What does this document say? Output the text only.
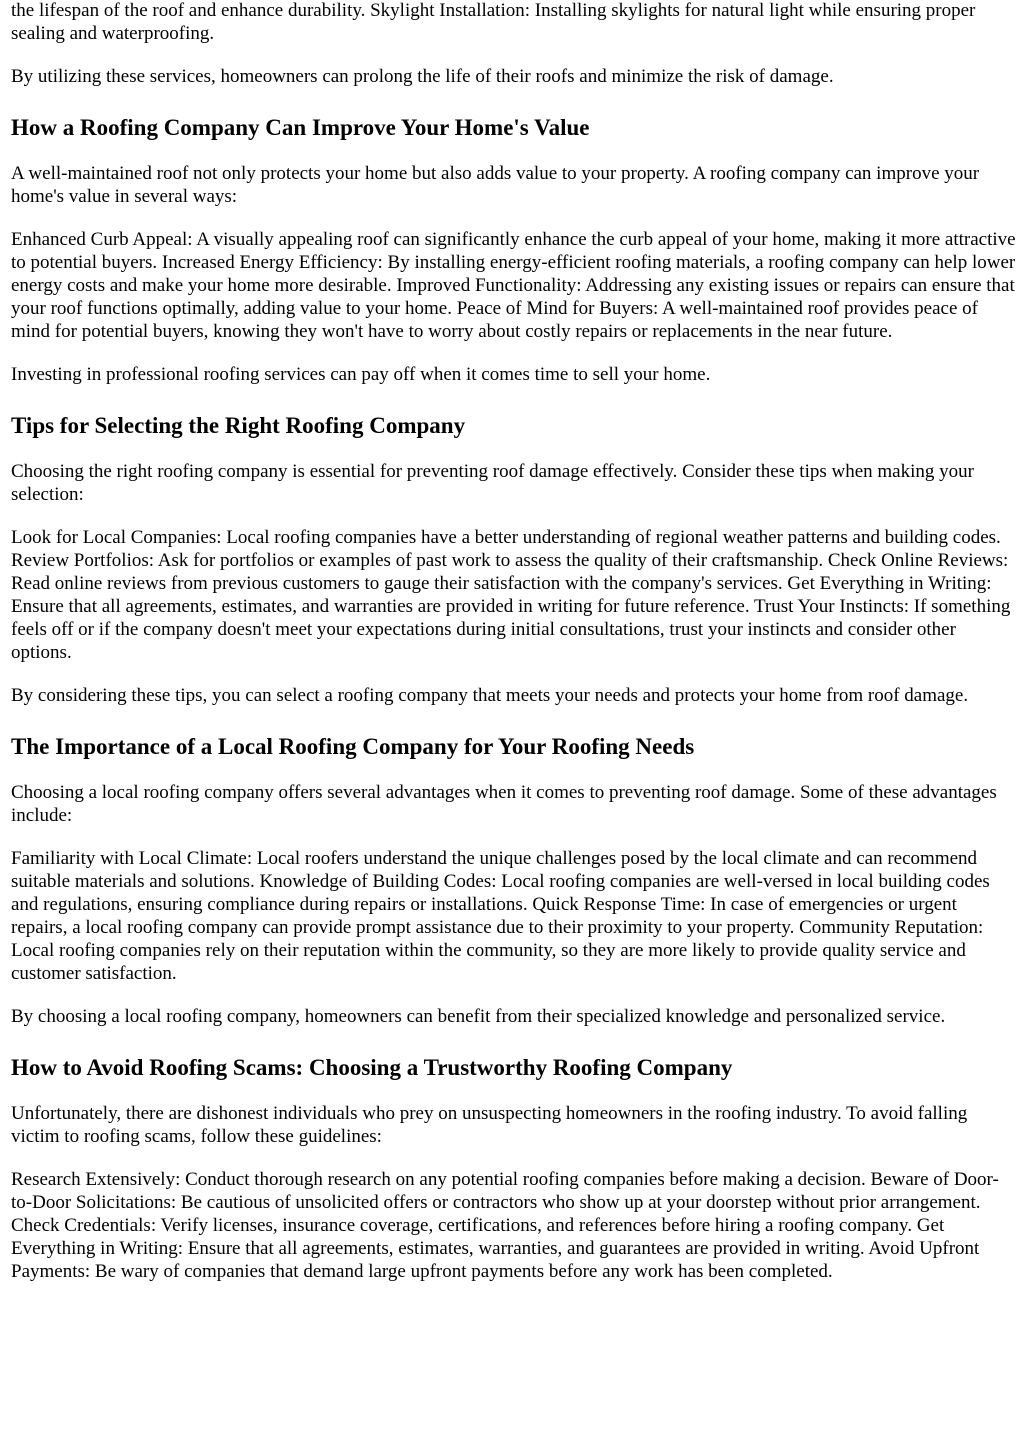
the lifespan of the roof and enhance durability. Skylight Installation: Installing skylights for natural light while ensuring proper sealing and waterproofing.

By utilizing these services, homeowners can prolong the life of their roofs and minimize the risk of damage.

How a Roofing Company Can Improve Your Home's Value

A well-maintained roof not only protects your home but also adds value to your property. A roofing company can improve your home's value in several ways:

Enhanced Curb Appeal: A visually appealing roof can significantly enhance the curb appeal of your home, making it more attractive to potential buyers. Increased Energy Efficiency: By installing energy-efficient roofing materials, a roofing company can help lower energy costs and make your home more desirable. Improved Functionality: Addressing any existing issues or repairs can ensure that your roof functions optimally, adding value to your home. Peace of Mind for Buyers: A well-maintained roof provides peace of mind for potential buyers, knowing they won't have to worry about costly repairs or replacements in the near future.

Investing in professional roofing services can pay off when it comes time to sell your home.

Tips for Selecting the Right Roofing Company

Choosing the right roofing company is essential for preventing roof damage effectively. Consider these tips when making your selection:

Look for Local Companies: Local roofing companies have a better understanding of regional weather patterns and building codes. Review Portfolios: Ask for portfolios or examples of past work to assess the quality of their craftsmanship. Check Online Reviews: Read online reviews from previous customers to gauge their satisfaction with the company's services. Get Everything in Writing: Ensure that all agreements, estimates, and warranties are provided in writing for future reference. Trust Your Instincts: If something feels off or if the company doesn't meet your expectations during initial consultations, trust your instincts and consider other options.

By considering these tips, you can select a roofing company that meets your needs and protects your home from roof damage.

The Importance of a Local Roofing Company for Your Roofing Needs

Choosing a local roofing company offers several advantages when it comes to preventing roof damage. Some of these advantages include:

Familiarity with Local Climate: Local roofers understand the unique challenges posed by the local climate and can recommend suitable materials and solutions. Knowledge of Building Codes: Local roofing companies are well-versed in local building codes and regulations, ensuring compliance during repairs or installations. Quick Response Time: In case of emergencies or urgent repairs, a local roofing company can provide prompt assistance due to their proximity to your property. Community Reputation: Local roofing companies rely on their reputation within the community, so they are more likely to provide quality service and customer satisfaction.

By choosing a local roofing company, homeowners can benefit from their specialized knowledge and personalized service.

How to Avoid Roofing Scams: Choosing a Trustworthy Roofing Company

Unfortunately, there are dishonest individuals who prey on unsuspecting homeowners in the roofing industry. To avoid falling victim to roofing scams, follow these guidelines:

Research Extensively: Conduct thorough research on any potential roofing companies before making a decision. Beware of Door-to-Door Solicitations: Be cautious of unsolicited offers or contractors who show up at your doorstep without prior arrangement. Check Credentials: Verify licenses, insurance coverage, certifications, and references before hiring a roofing company. Get Everything in Writing: Ensure that all agreements, estimates, warranties, and guarantees are provided in writing. Avoid Upfront Payments: Be wary of companies that demand large upfront payments before any work has been completed.
